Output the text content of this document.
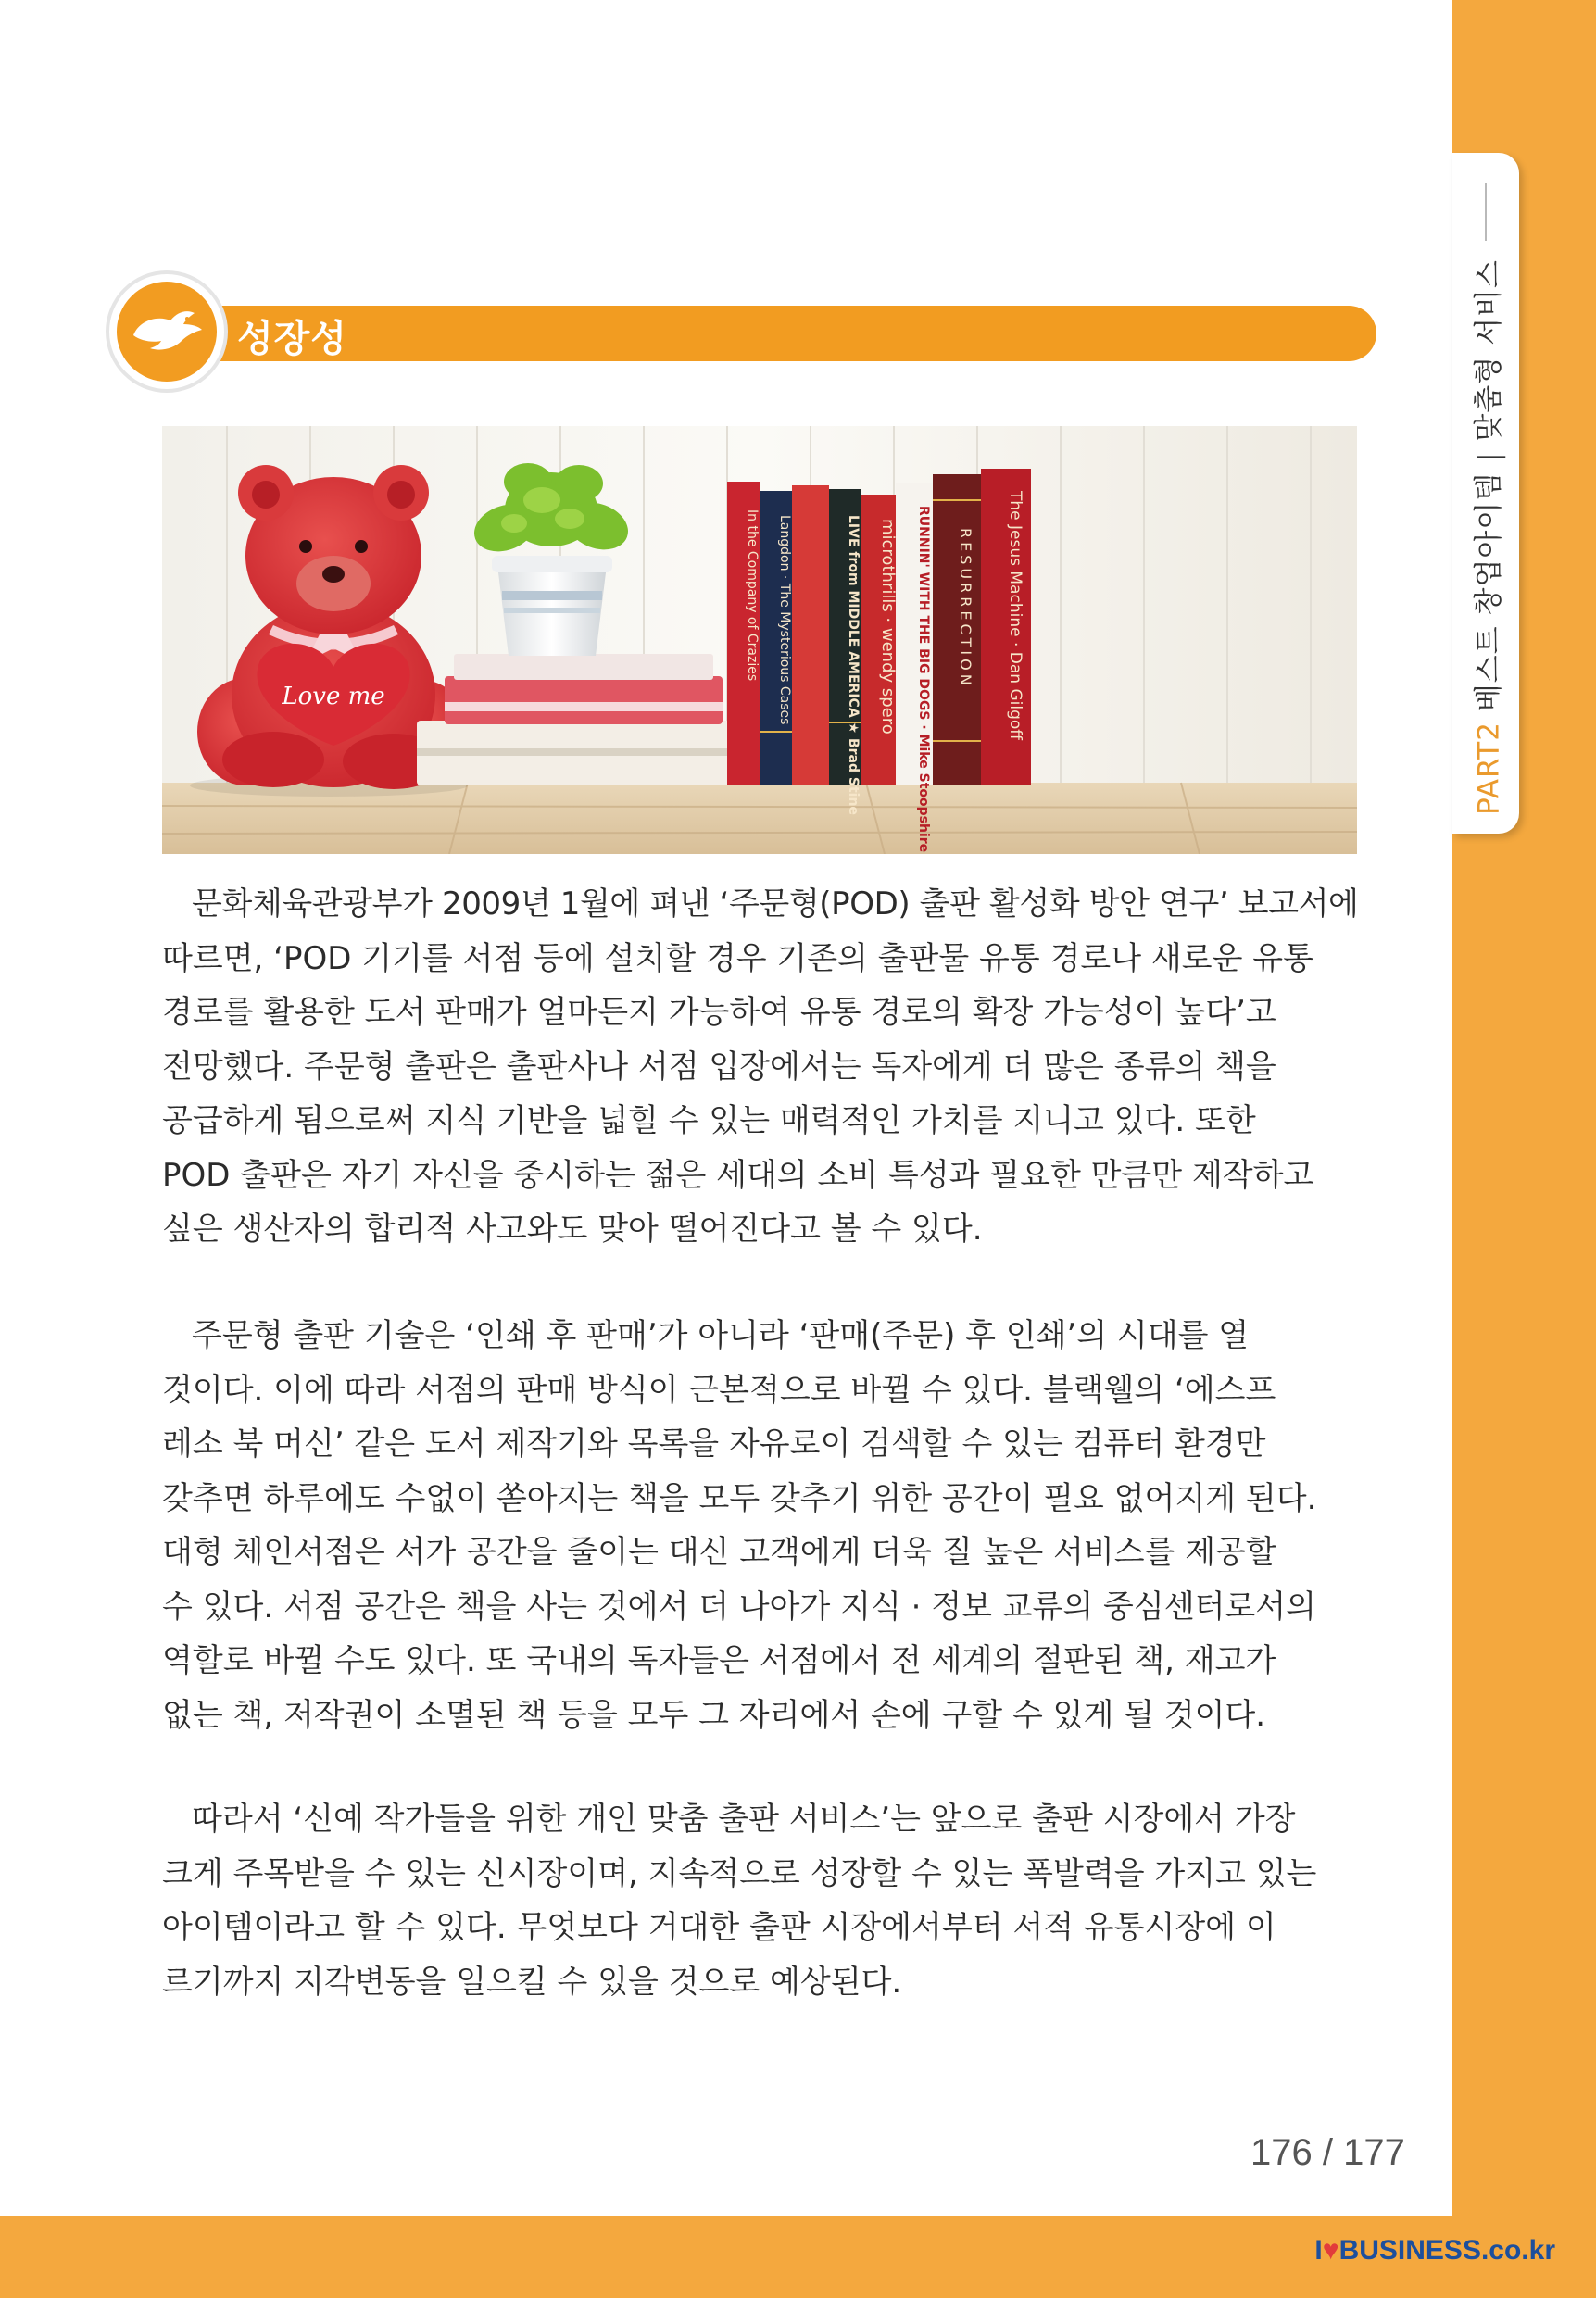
PART2 베스트 창업아이템 | 맞춤형 서비스
성장성
Love me
In the Company of Crazies Langdon · The Mysterious Cases	LIVE from MIDDLE AMERICA ★ Brad Stine microthrills · wendy spero RUNNIN' WITH THE BIG DOGS · Mike Stoopshire RESURRECTION The Jesus Machine · Dan Gilgoff
문화체육관광부가 2009년 1월에 펴낸 ‘주문형(POD) 출판 활성화 방안 연구’ 보고서에
따르면, ‘POD 기기를 서점 등에 설치할 경우 기존의 출판물 유통 경로나 새로운 유통
경로를 활용한 도서 판매가 얼마든지 가능하여 유통 경로의 확장 가능성이 높다’고
전망했다. 주문형 출판은 출판사나 서점 입장에서는 독자에게 더 많은 종류의 책을
공급하게 됨으로써 지식 기반을 넓힐 수 있는 매력적인 가치를 지니고 있다. 또한
POD 출판은 자기 자신을 중시하는 젊은 세대의 소비 특성과 필요한 만큼만 제작하고
싶은 생산자의 합리적 사고와도 맞아 떨어진다고 볼 수 있다.
주문형 출판 기술은 ‘인쇄 후 판매’가 아니라 ‘판매(주문) 후 인쇄’의 시대를 열
것이다. 이에 따라 서점의 판매 방식이 근본적으로 바뀔 수 있다. 블랙웰의 ‘에스프
레소 북 머신’ 같은 도서 제작기와 목록을 자유로이 검색할 수 있는 컴퓨터 환경만
갖추면 하루에도 수없이 쏟아지는 책을 모두 갖추기 위한 공간이 필요 없어지게 된다.
대형 체인서점은 서가 공간을 줄이는 대신 고객에게 더욱 질 높은 서비스를 제공할
수 있다. 서점 공간은 책을 사는 것에서 더 나아가 지식 · 정보 교류의 중심센터로서의
역할로 바뀔 수도 있다. 또 국내의 독자들은 서점에서 전 세계의 절판된 책, 재고가
없는 책, 저작권이 소멸된 책 등을 모두 그 자리에서 손에 구할 수 있게 될 것이다.
따라서 ‘신예 작가들을 위한 개인 맞춤 출판 서비스’는 앞으로 출판 시장에서 가장
크게 주목받을 수 있는 신시장이며, 지속적으로 성장할 수 있는 폭발력을 가지고 있는
아이템이라고 할 수 있다. 무엇보다 거대한 출판 시장에서부터 서적 유통시장에 이
르기까지 지각변동을 일으킬 수 있을 것으로 예상된다.
176 / 177
I♥BUSINESS.co.kr
